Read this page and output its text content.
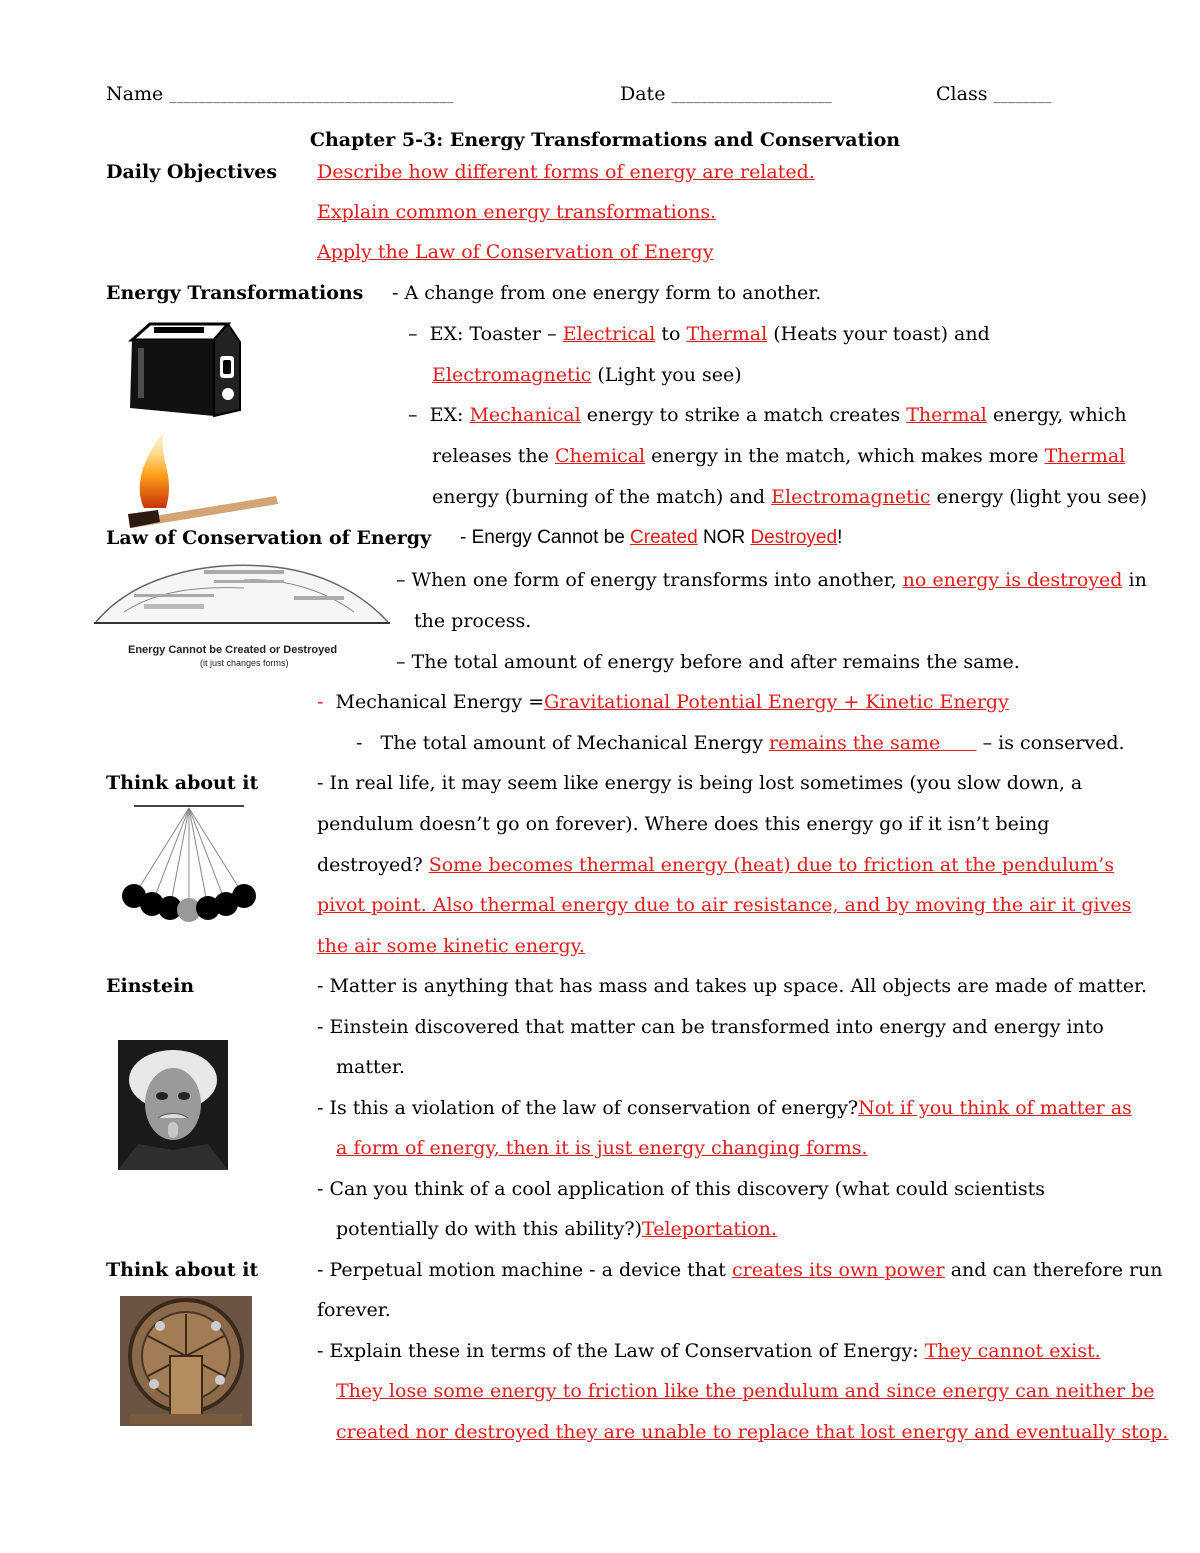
Name _______________________________________	Date ______________________	Class ________
Chapter 5-3: Energy Transformations and Conservation
Daily Objectives Describe how different forms of energy are related.
Explain common energy transformations.
Apply the Law of Conservation of Energy
Energy Transformations - A change from one energy form to another.
– EX: Toaster – Electrical to Thermal (Heats your toast) and
Electromagnetic (Light you see)
– EX: Mechanical energy to strike a match creates Thermal energy, which
releases the Chemical energy in the match, which makes more Thermal
energy (burning of the match) and Electromagnetic energy (light you see)
Law of Conservation of Energy - Energy Cannot be Created NOR Destroyed!
Energy Cannot be Created or Destroyed
(it just changes forms)
– When one form of energy transforms into another, no energy is destroyed in
the process.
– The total amount of energy before and after remains the same.
- Mechanical Energy =Gravitational Potential Energy + Kinetic Energy
- The total amount of Mechanical Energy remains the same – is conserved.
Think about it	- In real life, it may seem like energy is being lost sometimes (you slow down, a
pendulum doesn’t go on forever). Where does this energy go if it isn’t being
destroyed? Some becomes thermal energy (heat) due to friction at the pendulum’s
pivot point. Also thermal energy due to air resistance, and by moving the air it gives
the air some kinetic energy.
Einstein	- Matter is anything that has mass and takes up space. All objects are made of matter.
- Einstein discovered that matter can be transformed into energy and energy into
matter.
- Is this a violation of the law of conservation of energy?Not if you think of matter as
a form of energy, then it is just energy changing forms.
- Can you think of a cool application of this discovery (what could scientists
potentially do with this ability?)Teleportation.
Think about it	- Perpetual motion machine - a device that creates its own power and can therefore run
forever.
- Explain these in terms of the Law of Conservation of Energy: They cannot exist.
They lose some energy to friction like the pendulum and since energy can neither be
created nor destroyed they are unable to replace that lost energy and eventually stop.
